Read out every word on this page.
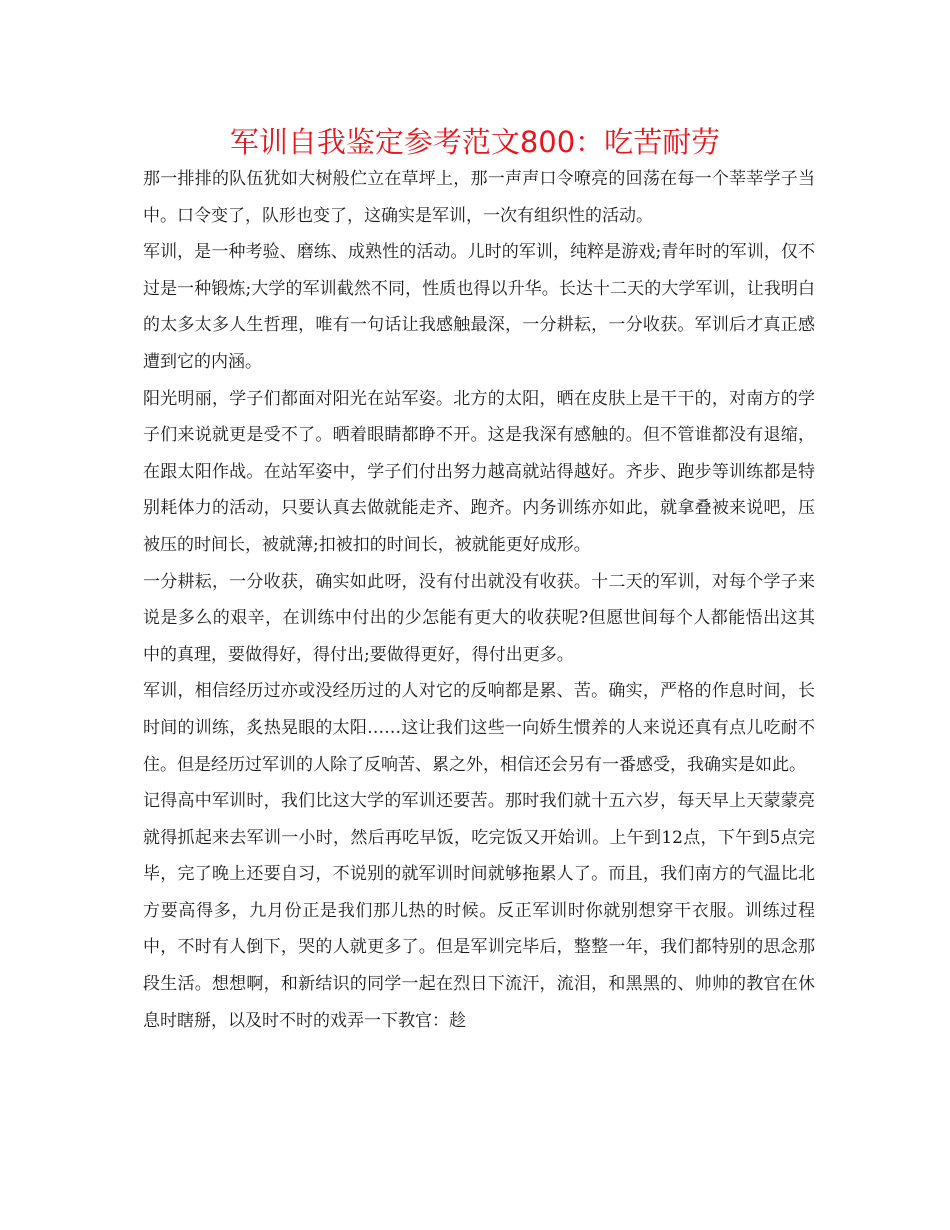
军训自我鉴定参考范文800：吃苦耐劳

那一排排的队伍犹如大树般伫立在草坪上，那一声声口令嘹亮的回荡在每一个莘莘学子当中。口令变了，队形也变了，这确实是军训，一次有组织性的活动。

军训，是一种考验、磨练、成熟性的活动。儿时的军训，纯粹是游戏;青年时的军训，仅不过是一种锻炼;大学的军训截然不同，性质也得以升华。长达十二天的大学军训，让我明白的太多太多人生哲理，唯有一句话让我感触最深，一分耕耘，一分收获。军训后才真正感遭到它的内涵。

阳光明丽，学子们都面对阳光在站军姿。北方的太阳，晒在皮肤上是干干的，对南方的学子们来说就更是受不了。晒着眼睛都睁不开。这是我深有感触的。但不管谁都没有退缩，在跟太阳作战。在站军姿中，学子们付出努力越高就站得越好。齐步、跑步等训练都是特别耗体力的活动，只要认真去做就能走齐、跑齐。内务训练亦如此，就拿叠被来说吧，压被压的时间长，被就薄;扣被扣的时间长，被就能更好成形。

一分耕耘，一分收获，确实如此呀，没有付出就没有收获。十二天的军训，对每个学子来说是多么的艰辛，在训练中付出的少怎能有更大的收获呢?但愿世间每个人都能悟出这其中的真理，要做得好，得付出;要做得更好，得付出更多。

军训，相信经历过亦或没经历过的人对它的反响都是累、苦。确实，严格的作息时间，长时间的训练，炙热晃眼的太阳……这让我们这些一向娇生惯养的人来说还真有点儿吃耐不住。但是经历过军训的人除了反响苦、累之外，相信还会另有一番感受，我确实是如此。

记得高中军训时，我们比这大学的军训还要苦。那时我们就十五六岁，每天早上天蒙蒙亮就得抓起来去军训一小时，然后再吃早饭，吃完饭又开始训。上午到12点，下午到5点完毕，完了晚上还要自习，不说别的就军训时间就够拖累人了。而且，我们南方的气温比北方要高得多，九月份正是我们那儿热的时候。反正军训时你就别想穿干衣服。训练过程中，不时有人倒下，哭的人就更多了。但是军训完毕后，整整一年，我们都特别的思念那段生活。想想啊，和新结识的同学一起在烈日下流汗，流泪，和黑黑的、帅帅的教官在休息时瞎掰，以及时不时的戏弄一下教官：趁
